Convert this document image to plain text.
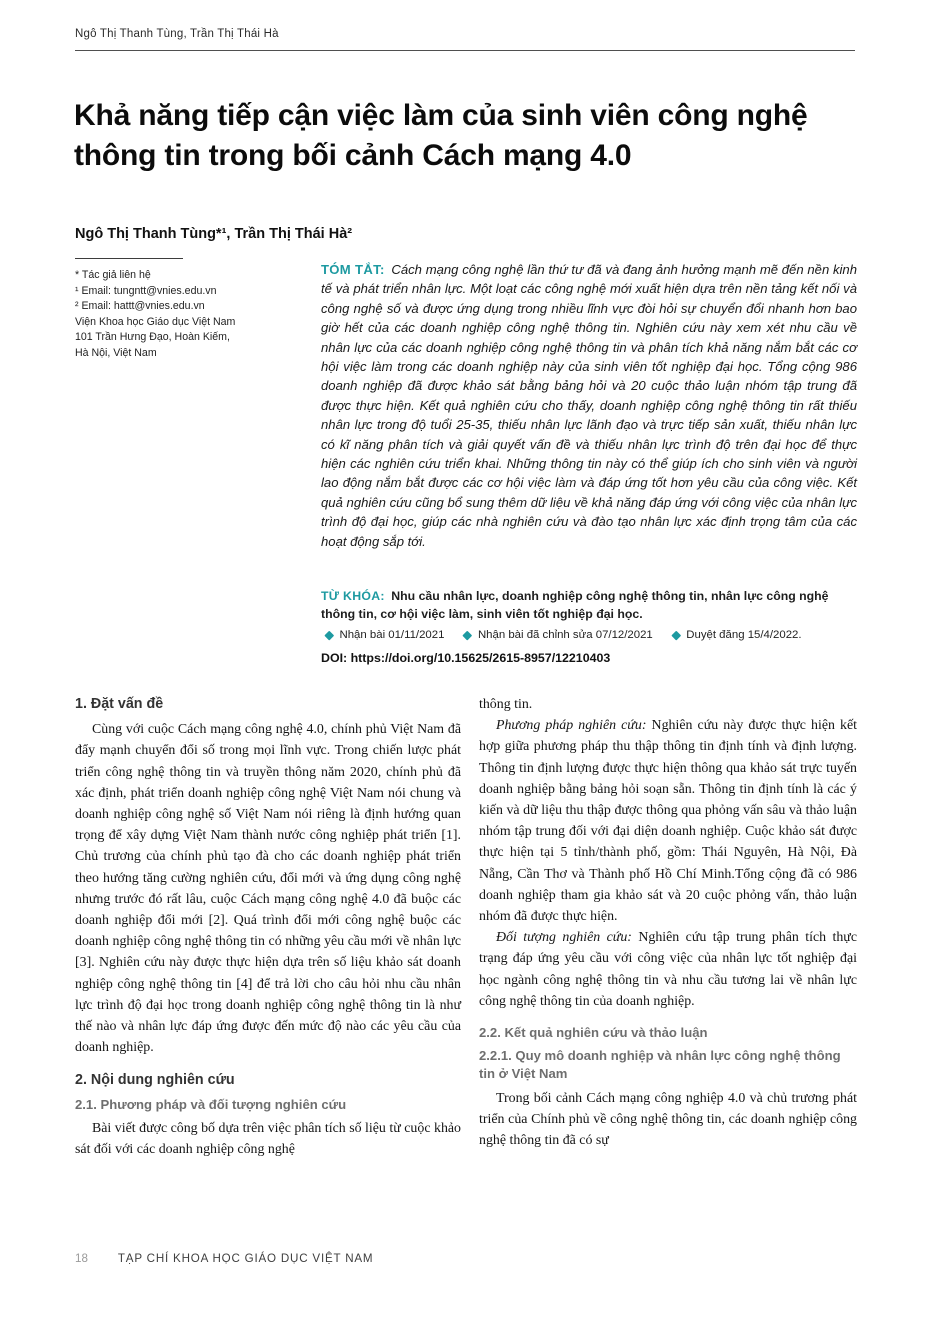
Ngô Thị Thanh Tùng, Trần Thị Thái Hà
Khả năng tiếp cận việc làm của sinh viên công nghệ thông tin trong bối cảnh Cách mạng 4.0
Ngô Thị Thanh Tùng*¹, Trần Thị Thái Hà²
* Tác giả liên hệ
¹ Email: tungntt@vnies.edu.vn
² Email: hattt@vnies.edu.vn
Viện Khoa học Giáo dục Việt Nam
101 Trần Hưng Đạo, Hoàn Kiếm,
Hà Nội, Việt Nam
TÓM TẮT: Cách mạng công nghệ lần thứ tư đã và đang ảnh hưởng mạnh mẽ đến nền kinh tế và phát triển nhân lực. Một loạt các công nghệ mới xuất hiện dựa trên nền tảng kết nối và công nghệ số và được ứng dụng trong nhiều lĩnh vực đòi hỏi sự chuyển đổi nhanh hơn bao giờ hết của các doanh nghiệp công nghệ thông tin. Nghiên cứu này xem xét nhu cầu về nhân lực của các doanh nghiệp công nghệ thông tin và phân tích khả năng nắm bắt các cơ hội việc làm trong các doanh nghiệp này của sinh viên tốt nghiệp đại học. Tổng cộng 986 doanh nghiệp đã được khảo sát bằng bảng hỏi và 20 cuộc thảo luận nhóm tập trung đã được thực hiện. Kết quả nghiên cứu cho thấy, doanh nghiệp công nghệ thông tin rất thiếu nhân lực trong độ tuổi 25-35, thiếu nhân lực lãnh đạo và trực tiếp sản xuất, thiếu nhân lực có kĩ năng phân tích và giải quyết vấn đề và thiếu nhân lực trình độ trên đại học để thực hiện các nghiên cứu triển khai. Những thông tin này có thể giúp ích cho sinh viên và người lao động nắm bắt được các cơ hội việc làm và đáp ứng tốt hơn yêu cầu của công việc. Kết quả nghiên cứu cũng bổ sung thêm dữ liệu về khả năng đáp ứng với công việc của nhân lực trình độ đại học, giúp các nhà nghiên cứu và đào tạo nhân lực xác định trọng tâm của các hoạt động sắp tới.
TỪ KHÓA: Nhu cầu nhân lực, doanh nghiệp công nghệ thông tin, nhân lực công nghệ thông tin, cơ hội việc làm, sinh viên tốt nghiệp đại học.
Nhận bài 01/11/2021	Nhận bài đã chỉnh sửa 07/12/2021	Duyệt đăng 15/4/2022.
DOI: https://doi.org/10.15625/2615-8957/12210403
1. Đặt vấn đề

Cùng với cuộc Cách mạng công nghệ 4.0, chính phủ Việt Nam đã đẩy mạnh chuyển đổi số trong mọi lĩnh vực. Trong chiến lược phát triển công nghệ thông tin và truyền thông năm 2020, chính phủ đã xác định, phát triển doanh nghiệp công nghệ Việt Nam nói chung và doanh nghiệp công nghệ số Việt Nam nói riêng là định hướng quan trọng để xây dựng Việt Nam thành nước công nghiệp phát triển [1]. Chủ trương của chính phủ tạo đà cho các doanh nghiệp phát triển theo hướng tăng cường nghiên cứu, đổi mới và ứng dụng công nghệ nhưng trước đó rất lâu, cuộc Cách mạng công nghệ 4.0 đã buộc các doanh nghiệp đổi mới [2]. Quá trình đổi mới công nghệ buộc các doanh nghiệp công nghệ thông tin có những yêu cầu mới về nhân lực [3]. Nghiên cứu này được thực hiện dựa trên số liệu khảo sát doanh nghiệp công nghệ thông tin [4] để trả lời cho câu hỏi nhu cầu nhân lực trình độ đại học trong doanh nghiệp công nghệ thông tin là như thế nào và nhân lực đáp ứng được đến mức độ nào các yêu cầu của doanh nghiệp.

2. Nội dung nghiên cứu
2.1. Phương pháp và đối tượng nghiên cứu

Bài viết được công bố dựa trên việc phân tích số liệu từ cuộc khảo sát đối với các doanh nghiệp công nghệ

thông tin.

Phương pháp nghiên cứu: Nghiên cứu này được thực hiện kết hợp giữa phương pháp thu thập thông tin định tính và định lượng. Thông tin định lượng được thực hiện thông qua khảo sát trực tuyến doanh nghiệp bằng bảng hỏi soạn sẵn. Thông tin định tính là các ý kiến và dữ liệu thu thập được thông qua phỏng vấn sâu và thảo luận nhóm tập trung đối với đại diện doanh nghiệp. Cuộc khảo sát được thực hiện tại 5 tỉnh/thành phố, gồm: Thái Nguyên, Hà Nội, Đà Nẵng, Cần Thơ và Thành phố Hồ Chí Minh.Tổng cộng đã có 986 doanh nghiệp tham gia khảo sát và 20 cuộc phỏng vấn, thảo luận nhóm đã được thực hiện.

Đối tượng nghiên cứu: Nghiên cứu tập trung phân tích thực trạng đáp ứng yêu cầu với công việc của nhân lực tốt nghiệp đại học ngành công nghệ thông tin và nhu cầu tương lai về nhân lực công nghệ thông tin của doanh nghiệp.

2.2. Kết quả nghiên cứu và thảo luận
2.2.1. Quy mô doanh nghiệp và nhân lực công nghệ thông tin ở Việt Nam

Trong bối cảnh Cách mạng công nghiệp 4.0 và chủ trương phát triển của Chính phủ về công nghệ thông tin, các doanh nghiệp công nghệ thông tin đã có sự

18	TẠP CHÍ KHOA HỌC GIÁO DỤC VIỆT NAM
